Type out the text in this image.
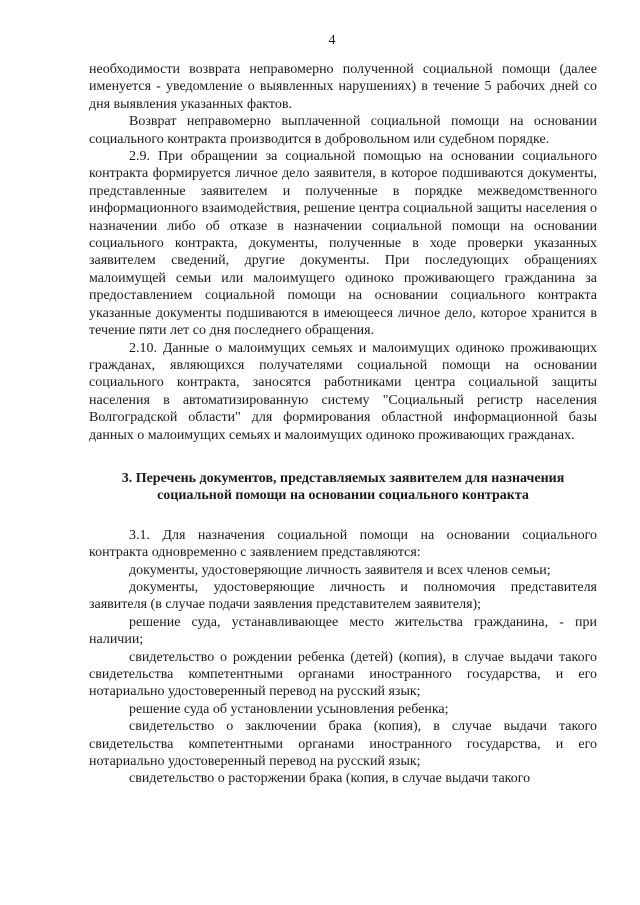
4

необходимости возврата неправомерно полученной социальной помощи (далее именуется - уведомление о выявленных нарушениях) в течение 5 рабочих дней со дня выявления указанных фактов.

Возврат неправомерно выплаченной социальной помощи на основании социального контракта производится в добровольном или судебном порядке.

2.9. При обращении за социальной помощью на основании социального контракта формируется личное дело заявителя, в которое подшиваются документы, представленные заявителем и полученные в порядке межведомственного информационного взаимодействия, решение центра социальной защиты населения о назначении либо об отказе в назначении социальной помощи на основании социального контракта, документы, полученные в ходе проверки указанных заявителем сведений, другие документы. При последующих обращениях малоимущей семьи или малоимущего одиноко проживающего гражданина за предоставлением социальной помощи на основании социального контракта указанные документы подшиваются в имеющееся личное дело, которое хранится в течение пяти лет со дня последнего обращения.

2.10. Данные о малоимущих семьях и малоимущих одиноко проживающих гражданах, являющихся получателями социальной помощи на основании социального контракта, заносятся работниками центра социальной защиты населения в автоматизированную систему "Социальный регистр населения Волгоградской области" для формирования областной информационной базы данных о малоимущих семьях и малоимущих одиноко проживающих гражданах.

3. Перечень документов, представляемых заявителем для назначения социальной помощи на основании социального контракта

3.1. Для назначения социальной помощи на основании социального контракта одновременно с заявлением представляются:

документы, удостоверяющие личность заявителя и всех членов семьи;

документы, удостоверяющие личность и полномочия представителя заявителя (в случае подачи заявления представителем заявителя);

решение суда, устанавливающее место жительства гражданина, - при наличии;

свидетельство о рождении ребенка (детей) (копия), в случае выдачи такого свидетельства компетентными органами иностранного государства, и его нотариально удостоверенный перевод на русский язык;

решение суда об установлении усыновления ребенка;

свидетельство о заключении брака (копия), в случае выдачи такого свидетельства компетентными органами иностранного государства, и его нотариально удостоверенный перевод на русский язык;

свидетельство о расторжении брака (копия, в случае выдачи такого
